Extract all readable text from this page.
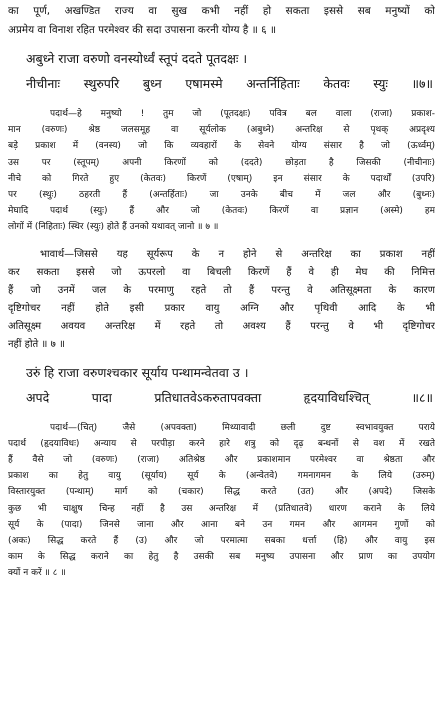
का पूर्ण, अखण्डित राज्य वा सुख कभी नहीं हो सकता इससे सब मनुष्यों को
अप्रमेय वा विनाश रहित परमेश्वर की सदा उपासना करनी योग्य है ॥ ६ ॥
अबुध्ने राजा वरुणो वनस्योर्ध्वं स्तूपं ददते पूतदक्षः ।
नीचीनाः स्थुरुपरि बुध्न एषामस्मे अन्तर्निहिताः केतवः स्युः ॥७॥
पदार्थ—हे मनुष्यो ! तुम जो (पूतदक्षः) पवित्र बल वाला (राजा) प्रकाश-
मान (वरुणः) श्रेष्ठ जलसमूह वा सूर्यलोक (अबुध्ने) अन्तरिक्ष से पृथक् अप्रदृश्य
बड़े प्रकाश में (वनस्य) जो कि व्यवहारों के सेवने योग्य संसार है जो (ऊर्ध्वम्)
उस पर (स्तूपम्) अपनी किरणों को (ददते) छोड़ता है जिसकी (नीचीनाः)
नीचे को गिरते हुए (केतवः) किरणें (एषाम्) इन संसार के पदार्थों (उपरि)
पर (स्थुः) ठहरती हैं (अन्तर्हिताः) जा उनके बीच में जल और (बुध्नः)
मेघादि पदार्थ (स्युः) हैं और जो (केतवः) किरणें वा प्रज्ञान (अस्मे) हम
लोगों में (निहिताः) स्थिर (स्युः) होते हैं उनको यथावत् जानो ॥ ७ ॥
भावार्थ—जिससे यह सूर्यरूप के न होने से अन्तरिक्ष का प्रकाश नहीं
कर सकता इससे जो ऊपरलो वा बिचली किरणें हैं वे ही मेघ की निमित्त
हैं जो उनमें जल के परमाणु रहते तो हैं परन्तु वे अतिसूक्ष्मता के कारण
दृष्टिगोचर नहीं होते इसी प्रकार वायु अग्नि और पृथिवी आदि के भी
अतिसूक्ष्म अवयव अन्तरिक्ष में रहते तो अवश्य हैं परन्तु वे भी दृष्टिगोचर
नहीं होते ॥ ७ ॥
उरुं हि राजा वरुणश्चकार सूर्याय पन्थामन्वेतवा उ ।
अपदे पादा प्रतिधातवेऽकरुतापवक्ता हृदयाविधश्चित् ॥८॥
पदार्थ—(चित्) जैसे (अपवक्ता) मिथ्यावादी छली दुष्ट स्वभावयुक्त पराये
पदार्थ (हृदयाविधः) अन्याय से परपीड़ा करने हारे शत्रु को दृढ़ बन्धनों से वश में रखते
हैं वैसे जो (वरुणः) (राजा) अतिश्रेष्ठ और प्रकाशमान परमेश्वर वा श्रेष्ठता और
प्रकाश का हेतु वायु (सूर्याय) सूर्य के (अन्वेतवे) गमनागमन के लिये (उरुम्)
विस्तारयुक्त (पन्थाम्) मार्ग को (चकार) सिद्ध करते (उत) और (अपदे) जिसके
कुछ भी चाक्षुष चिन्ह नहीं है उस अन्तरिक्ष में (प्रतिधातवे) धारण कराने के लिये
सूर्य के (पादा) जिनसे जाना और आना बने उन गमन और आगमन गुणों को
(अकः) सिद्ध करते हैं (उ) और जो परमात्मा सबका धर्त्ता (हि) और वायु इस
काम के सिद्ध कराने का हेतु है उसकी सब मनुष्य उपासना और प्राण का उपयोग
क्यों न करें ॥ ८ ॥
